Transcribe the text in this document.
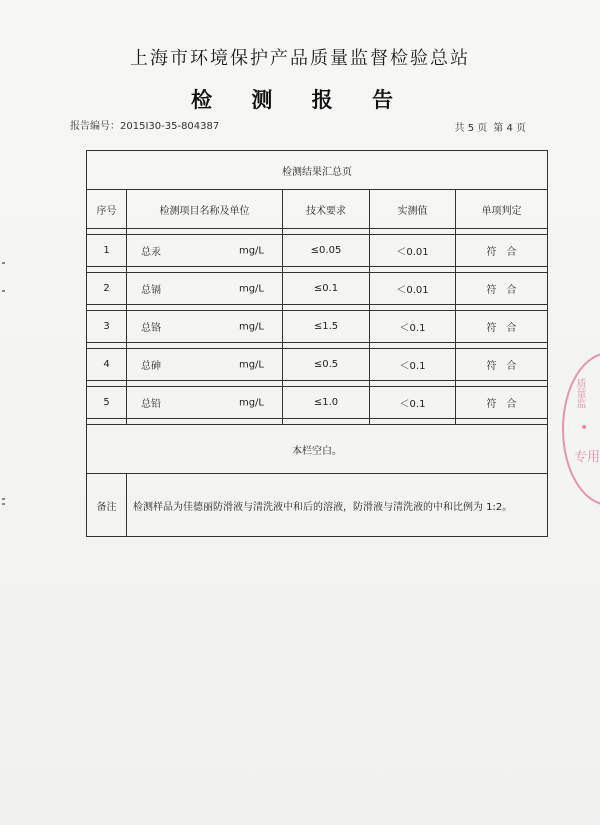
上海市环境保护产品质量监督检验总站
检 测 报 告
报告编号：2015I30-35-804387	共 5 页 第 4 页
检测结果汇总页				
序号	检测项目名称及单位	技术要求	实测值	单项判定

1	总汞 mg/L	≤0.05	＜0.01	符　合

2	总镉 mg/L	≤0.1	＜0.01	符　合

3	总铬 mg/L	≤1.5	＜0.1	符　合

4	总砷 mg/L	≤0.5	＜0.1	符　合

5	总铅 mg/L	≤1.0	＜0.1	符　合

本栏空白。				
备注	检测样品为佳德丽防滑液与清洗液中和后的溶液，防滑液与清洗液的中和比例为 1:2。			
质量监
•
专用
